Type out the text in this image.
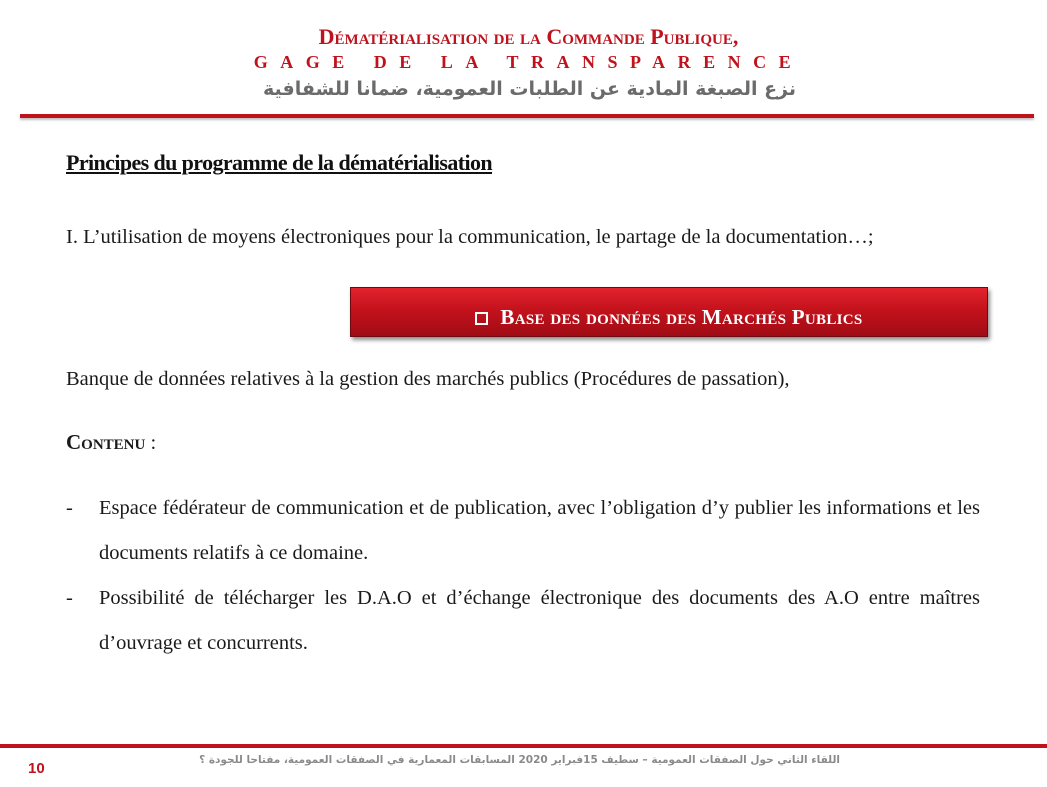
Dématérialisation de la Commande Publique,
GAGE DE LA TRANSPARENCE
نزع الصبغة المادية عن الطلبات العمومية، ضمانا للشفافية
Principes du programme de la dématérialisation
I. L’utilisation de moyens électroniques pour la communication, le partage de la documentation…;
Base des données des Marchés Publics
Banque de données relatives à la gestion des marchés publics (Procédures de passation),
Contenu :
- Espace fédérateur de communication et de publication, avec l’obligation d’y publier les informations et les documents relatifs à ce domaine.
- Possibilité de télécharger les D.A.O et d’échange électronique des documents des A.O entre maîtres d’ouvrage et concurrents.
10	اللقاء الثاني حول الصفقات العمومية – سطيف 15فبراير 2020 المسابقات المعمارية في الصفقات العمومية، مفتاحا للجودة ؟
